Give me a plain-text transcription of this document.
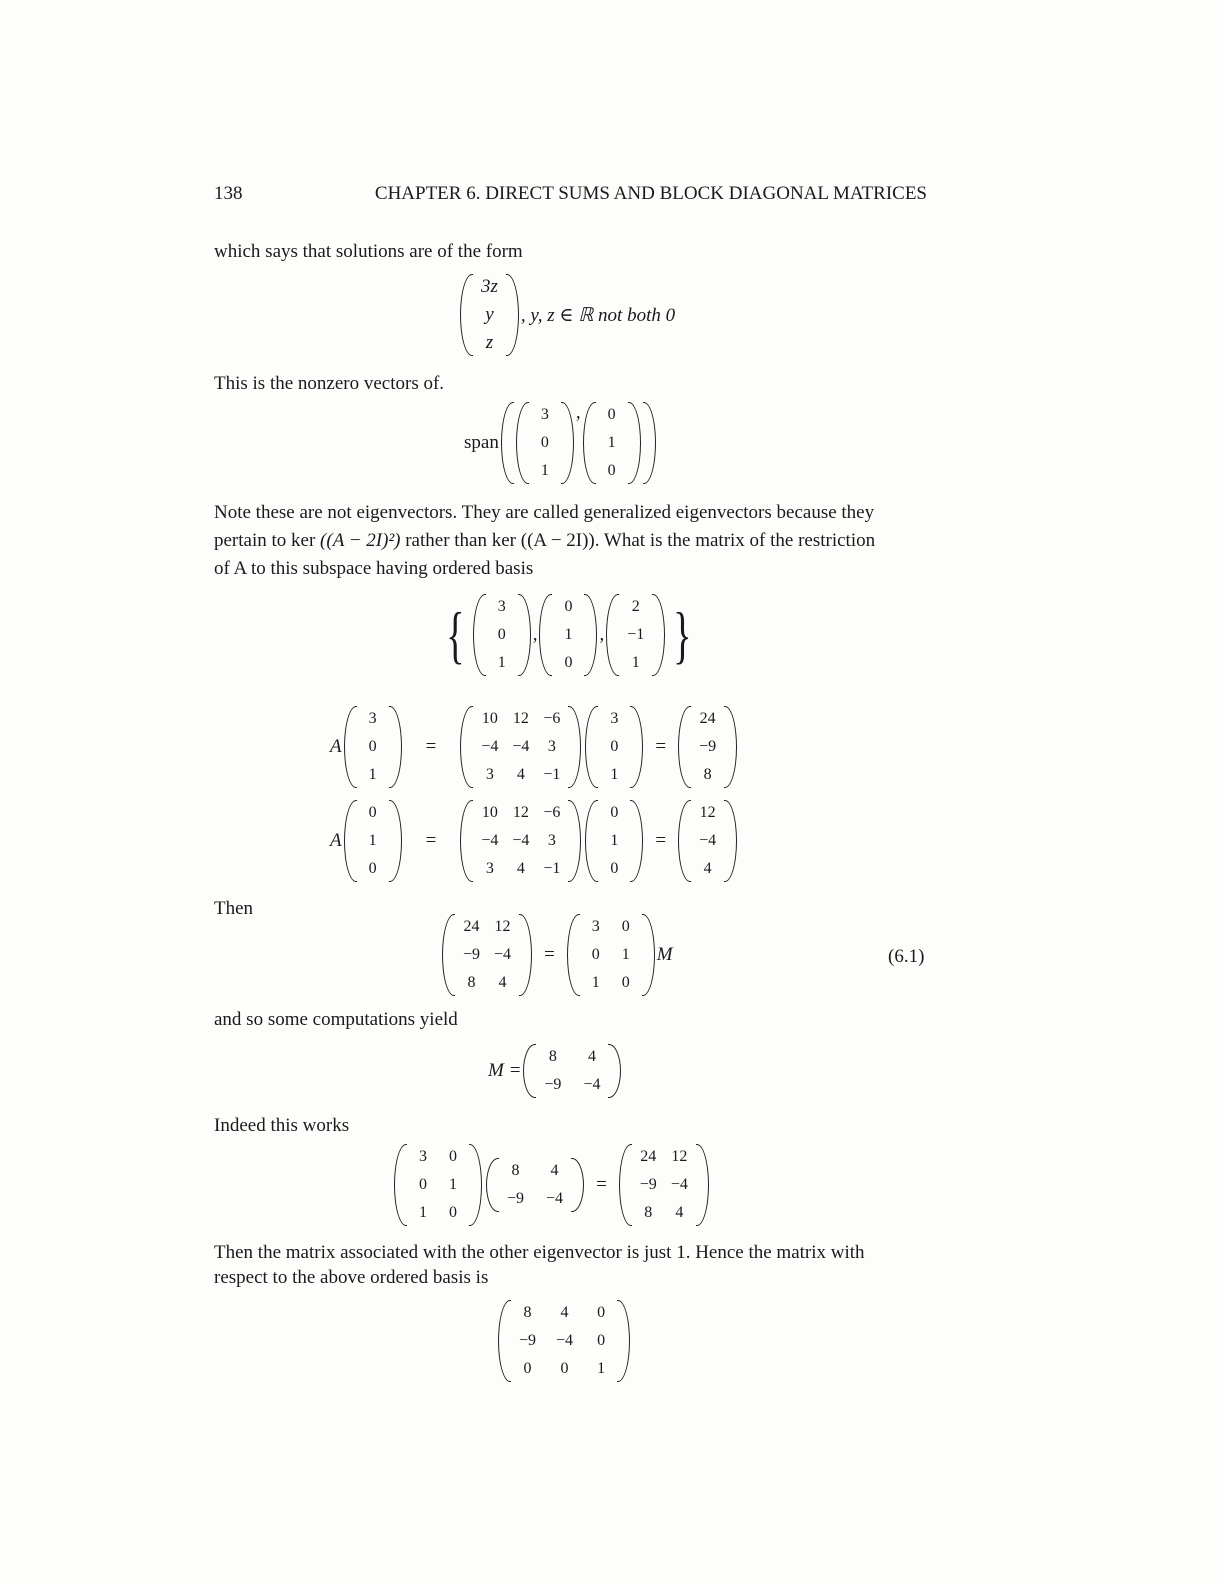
138	CHAPTER 6. DIRECT SUMS AND BLOCK DIAGONAL MATRICES
which says that solutions are of the form
3z
y
z
, y, z ∈ ℝ not both 0
This is the nonzero vectors of.
span
3
0
1
, 0
1
0
Note these are not eigenvectors. They are called generalized eigenvectors because they
pertain to ker ((A − 2I)²) rather than ker ((A − 2I)). What is the matrix of the restriction
of A to this subspace having ordered basis
{ 3
0
1
,
0
1
0
,
2
−1
1 }
A
3
0
1
=
10 12 −6
−4 −4 3
3 4 −1
3
0
1
=
24
−9
8
A
0
1
0
=
10 12 −6
−4 −4 3
3 4 −1
0
1
0
=
12
−4
4
Then
24 12
−9 −4
8 4
=
3 0
0 1
1 0
M	(6.1)
and so some computations yield
M =
8 4
−9 −4
Indeed this works
3 0
0 1
1 0
8 4
−9 −4
=
24 12
−9 −4
8 4
Then the matrix associated with the other eigenvector is just 1. Hence the matrix with
respect to the above ordered basis is
8 4 0
−9 −4 0
0 0 1
